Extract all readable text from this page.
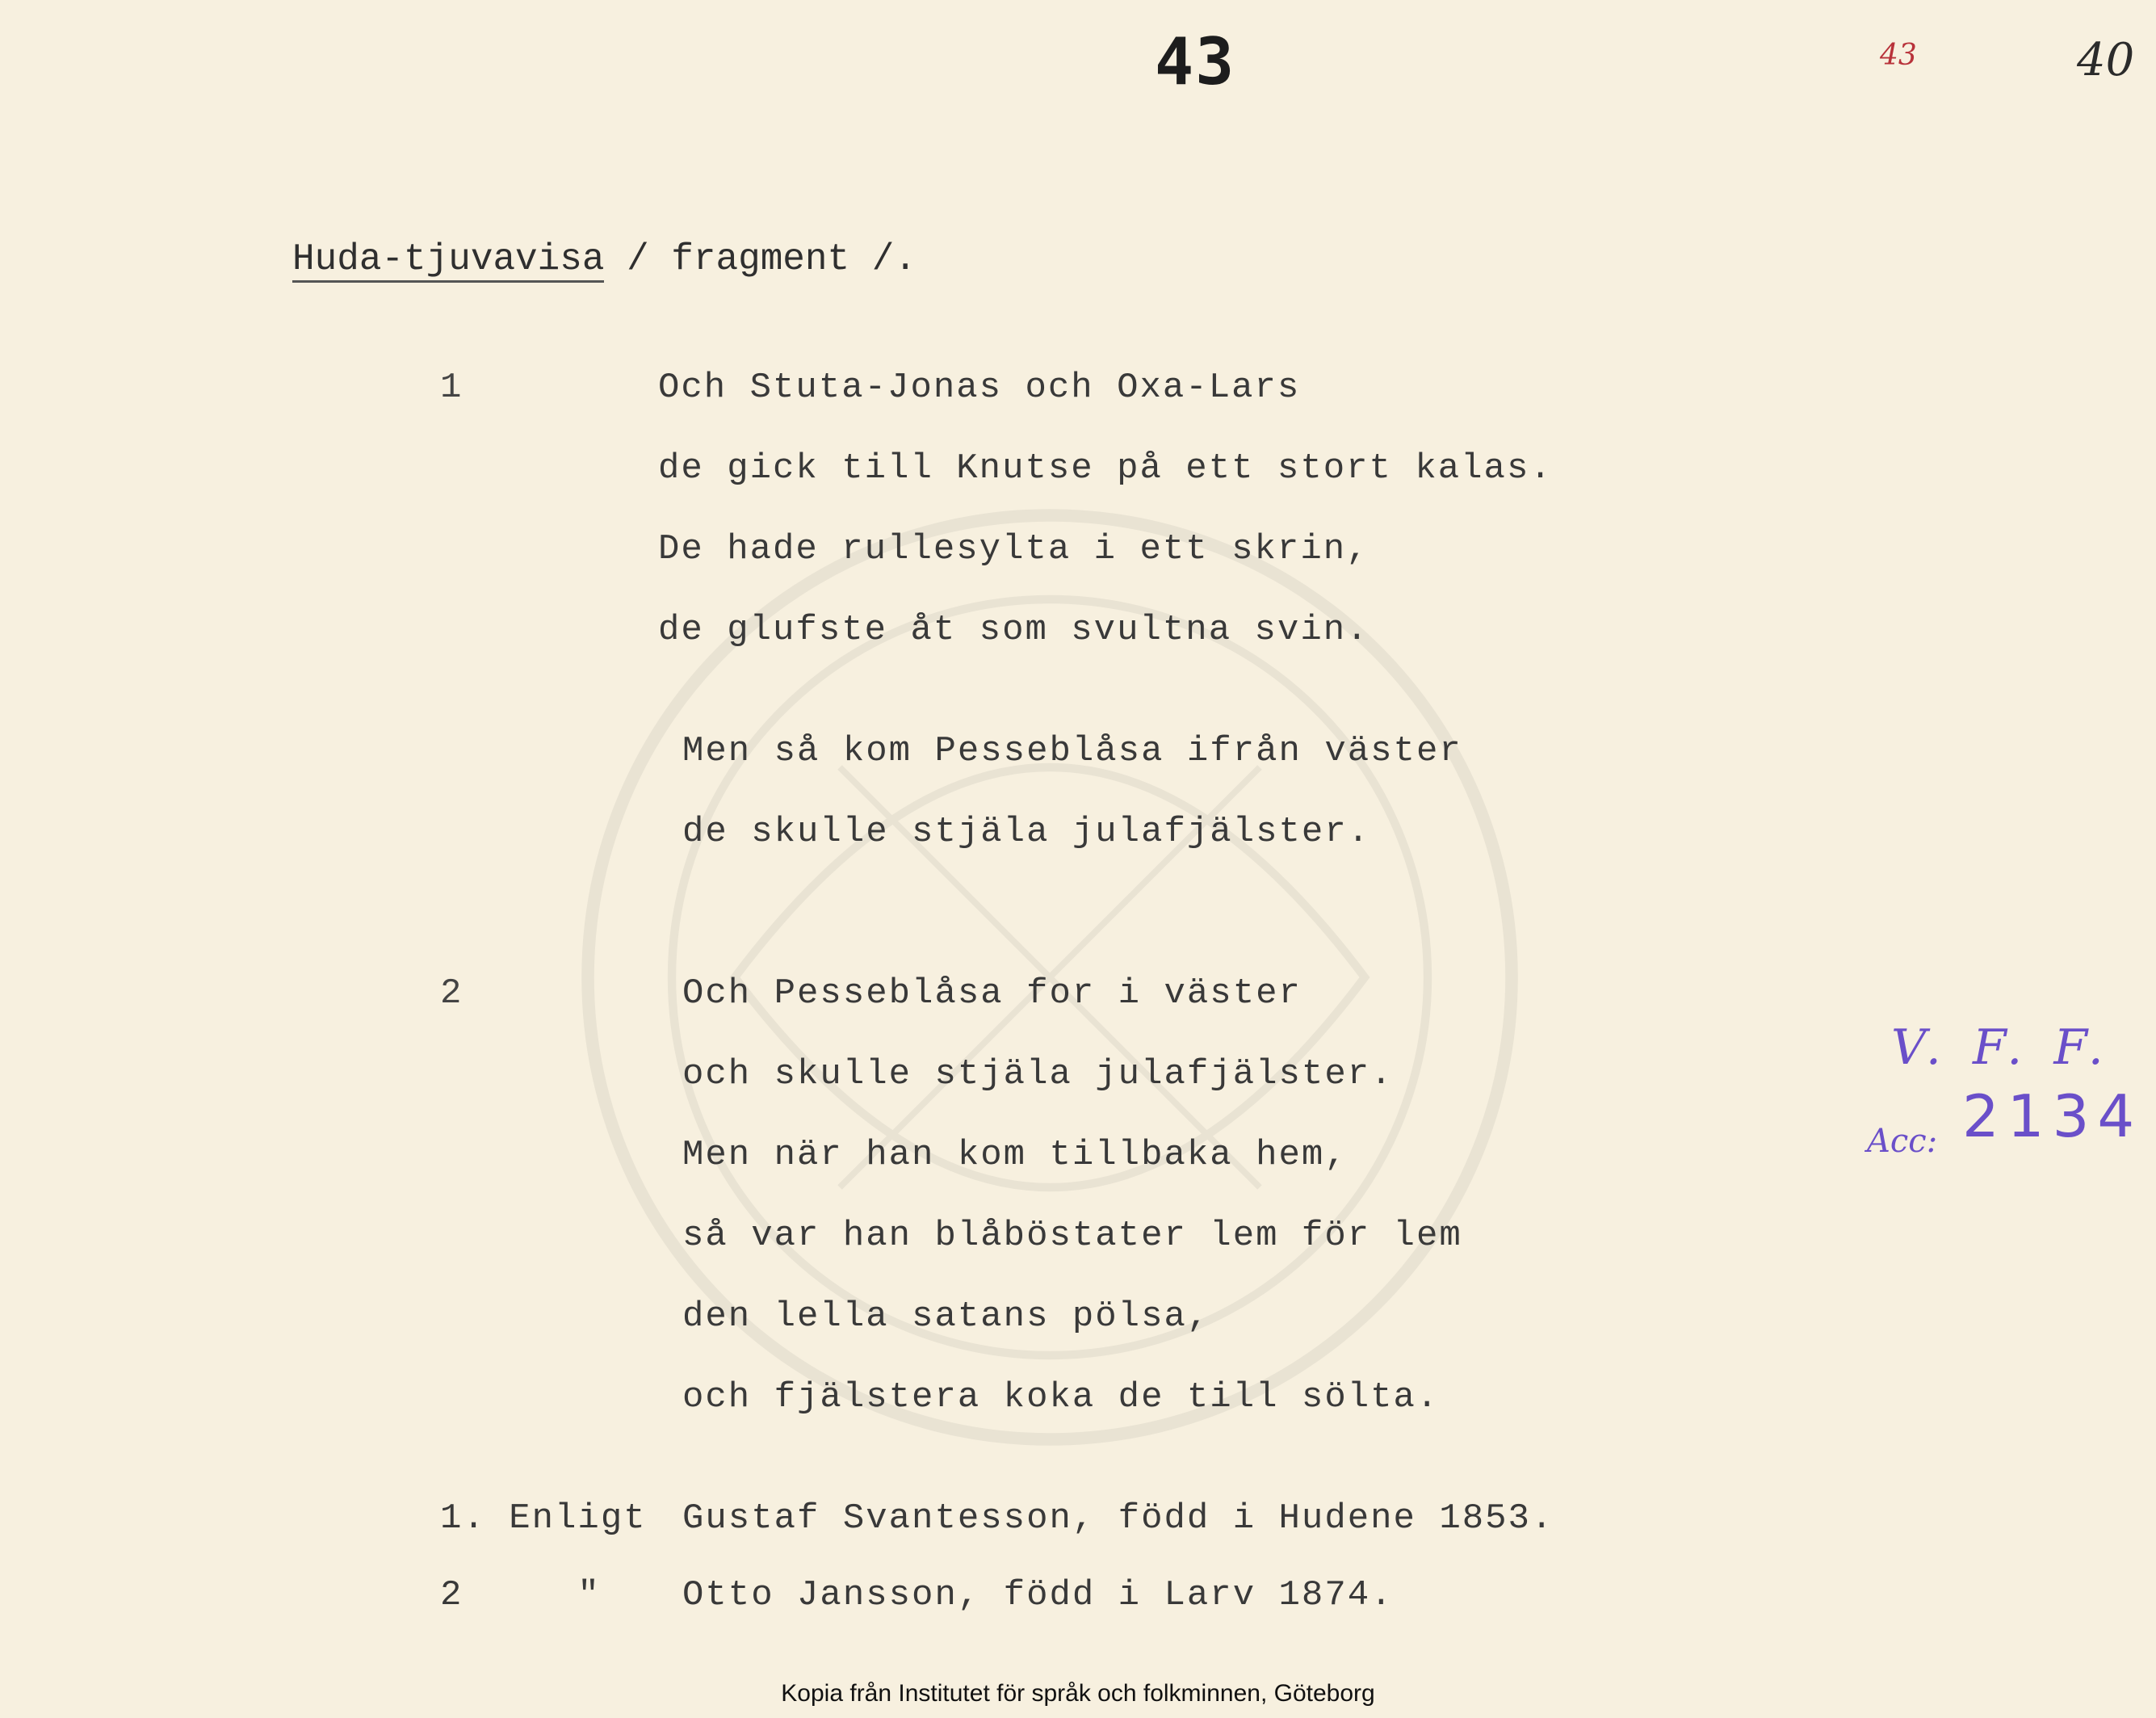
43	43	40
Huda-tjuvavisa / fragment /.
1	Och Stuta-Jonas och Oxa-Lars
de gick till Knutse på ett stort kalas.
De hade rullesylta i ett skrin,
de glufste åt som svultna svin.
Men så kom Pesseblåsa ifrån väster
de skulle stjäla julafjälster.
2	Och Pesseblåsa for i väster
och skulle stjäla julafjälster.
Men när han kom tillbaka hem,
så var han blåböstater lem för lem
den lella satans pölsa,
och fjälstera koka de till sölta.
1. Enligt Gustaf Svantesson, född i Hudene 1853.
2     " Otto Jansson, född i Larv 1874.
V. F. F.
Acc: 2134
Kopia från Institutet för språk och folkminnen, Göteborg
